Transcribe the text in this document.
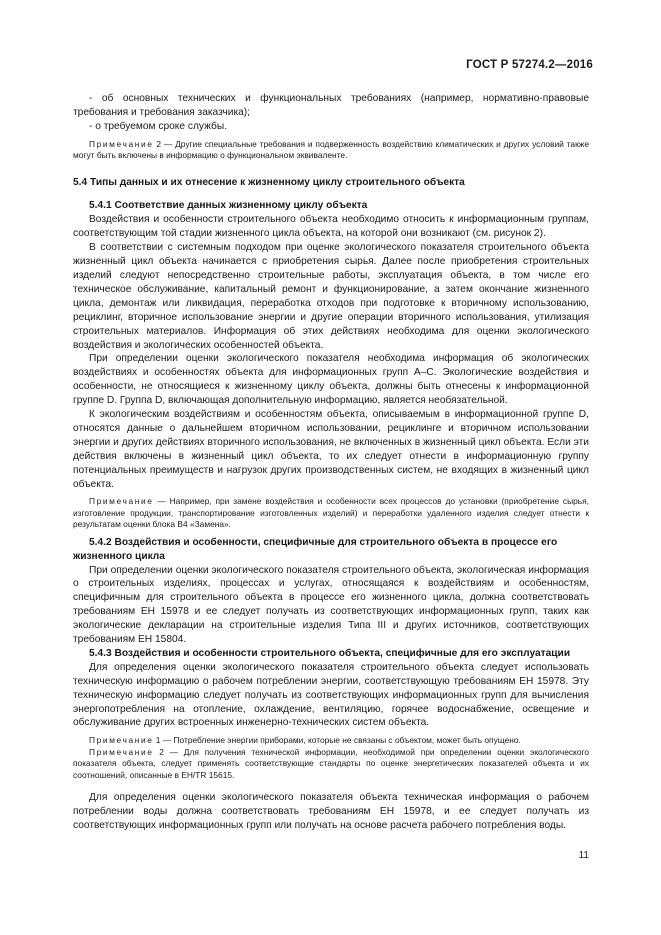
ГОСТ Р 57274.2—2016

- об основных технических и функциональных требованиях (например, нормативно-правовые требования и требования заказчика);

- о требуемом сроке службы.

Примечание 2 — Другие специальные требования и подверженность воздействию климатических и других условий также могут быть включены в информацию о функциональном эквиваленте.

5.4 Типы данных и их отнесение к жизненному циклу строительного объекта
5.4.1 Соответствие данных жизненному циклу объекта

Воздействия и особенности строительного объекта необходимо относить к информационным группам, соответствующим той стадии жизненного цикла объекта, на которой они возникают (см. рисунок 2).

В соответствии с системным подходом при оценке экологического показателя строительного объекта жизненный цикл объекта начинается с приобретения сырья. Далее после приобретения строительных изделий следуют непосредственно строительные работы, эксплуатация объекта, в том числе его техническое обслуживание, капитальный ремонт и функционирование, а затем окончание жизненного цикла, демонтаж или ликвидация, переработка отходов при подготовке к вторичному использованию, рециклинг, вторичное использование энергии и другие операции вторичного использования, утилизация строительных материалов. Информация об этих действиях необходима для оценки экологического воздействия и экологических особенностей объекта.

При определении оценки экологического показателя необходима информация об экологических воздействиях и особенностях объекта для информационных групп А–С. Экологические воздействия и особенности, не относящиеся к жизненному циклу объекта, должны быть отнесены к информационной группе D. Группа D, включающая дополнительную информацию, является необязательной.

К экологическим воздействиям и особенностям объекта, описываемым в информационной группе D, относятся данные о дальнейшем вторичном использовании, рециклинге и вторичном использовании энергии и других действиях вторичного использования, не включенных в жизненный цикл объекта. Если эти действия включены в жизненный цикл объекта, то их следует отнести в информационную группу потенциальных преимуществ и нагрузок других производственных систем, не входящих в жизненный цикл объекта.

Примечание — Например, при замене воздействия и особенности всех процессов до установки (приобретение сырья, изготовление продукции, транспортирование изготовленных изделий) и переработки удаленного изделия следует отнести к результатам оценки блока В4 «Замена».

5.4.2 Воздействия и особенности, специфичные для строительного объекта в процессе его жизненного цикла

При определении оценки экологического показателя строительного объекта, экологическая информация о строительных изделиях, процессах и услугах, относящаяся к воздействиям и особенностям, специфичным для строительного объекта в процессе его жизненного цикла, должна соответствовать требованиям ЕН 15978 и ее следует получать из соответствующих информационных групп, таких как экологические декларации на строительные изделия Типа III и других источников, соответствующих требованиям ЕН 15804.

5.4.3 Воздействия и особенности строительного объекта, специфичные для его эксплуатации

Для определения оценки экологического показателя строительного объекта следует использовать техническую информацию о рабочем потреблении энергии, соответствующую требованиям ЕН 15978. Эту техническую информацию следует получать из соответствующих информационных групп для вычисления энергопотребления на отопление, охлаждение, вентиляцию, горячее водоснабжение, освещение и обслуживание других встроенных инженерно-технических систем объекта.

Примечание 1 — Потребление энергии приборами, которые не связаны с объектом, может быть опущено.

Примечание 2 — Для получения технической информации, необходимой при определении оценки экологического показателя объекта, следует применять соответствующие стандарты по оценке энергетических показателей объекта и их соотношений, описанные в ЕН/TR 15615.

Для определения оценки экологического показателя объекта техническая информация о рабочем потреблении воды должна соответствовать требованиям ЕН 15978, и ее следует получать из соответствующих информационных групп или получать на основе расчета рабочего потребления воды.

11
